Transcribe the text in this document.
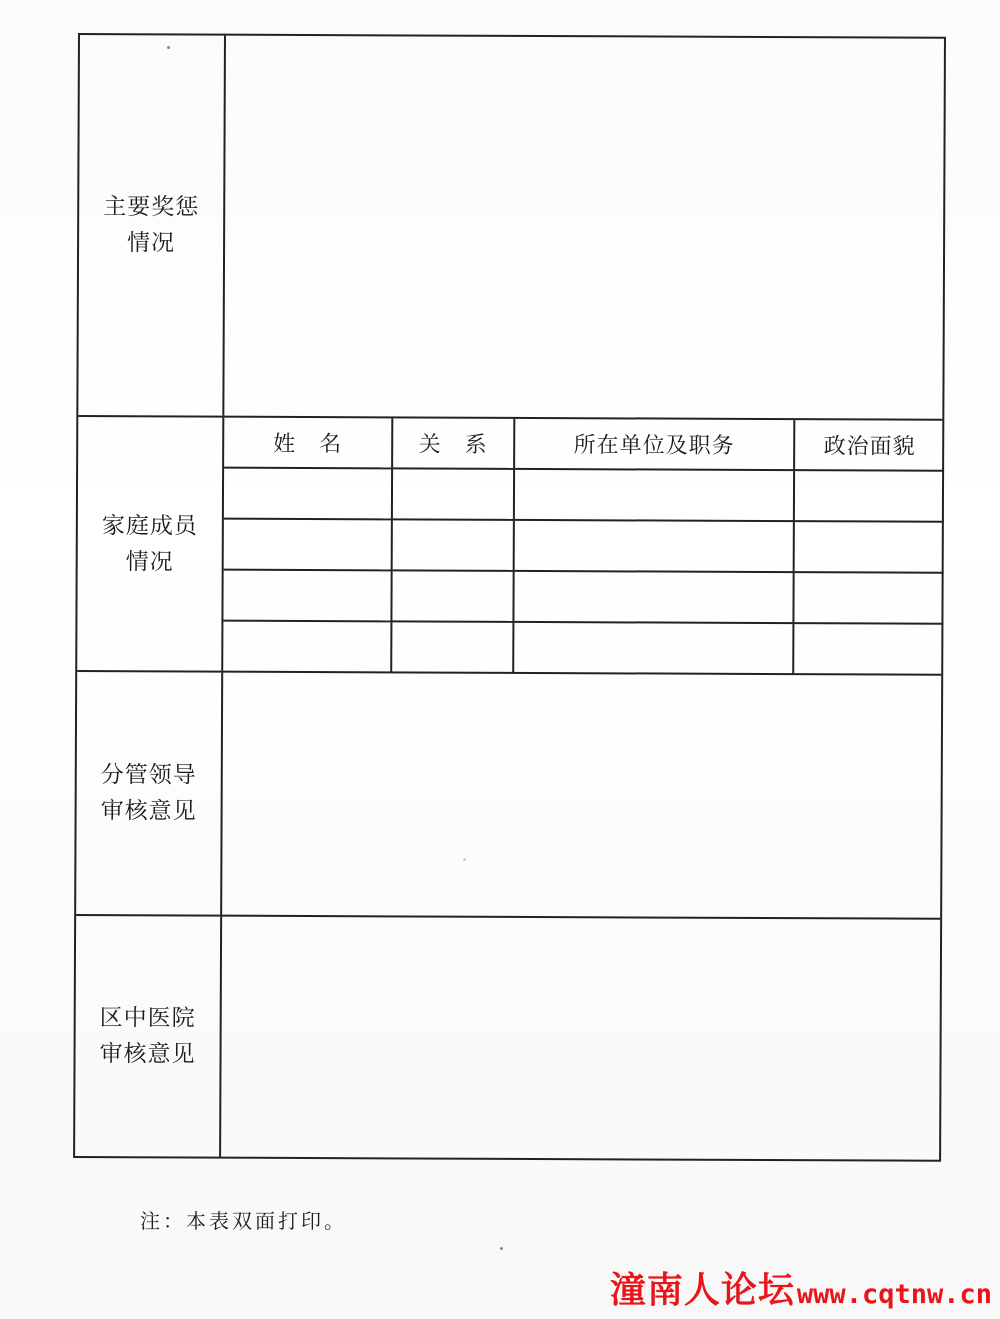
主要奖惩
情况
家庭成员
情况
姓　名	关　系	所在单位及职务	政治面貌

分管领导
审核意见
区中医院
审核意见
注：本表双面打印。
潼南人论坛 www.cqtnw.cn
